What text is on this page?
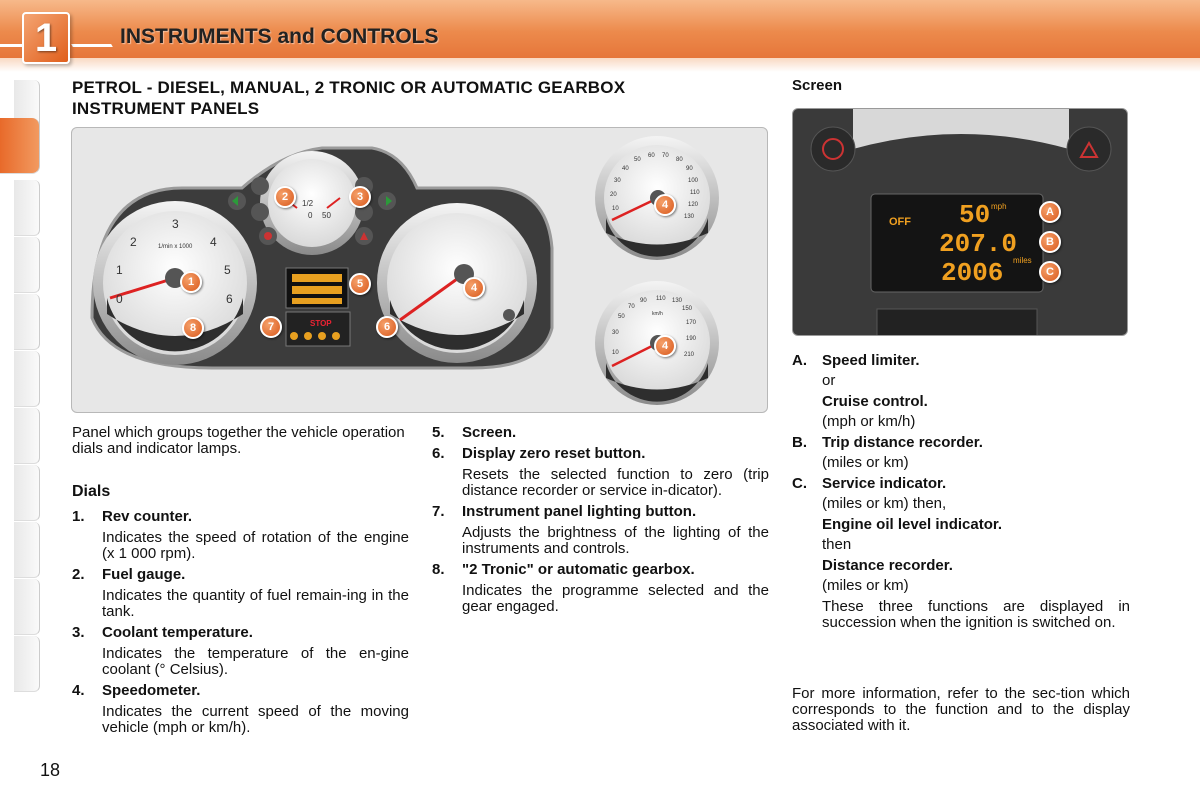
1	INSTRUMENTS and CONTROLS
18
PETROL - DIESEL, MANUAL, 2 TRONIC OR AUTOMATIC GEARBOX
INSTRUMENT PANELS
Screen
1/min x 1000
0
1
2
3
4
5
6
1/2
0 50
STOP
10
20
30
40
50
60 70
80
90
100
110
120
130
km/h
10
30
50
70
90 110 130
150
170
190
210
1
2	3
4
5
6
7
8
4
4
OFF 50 mph
207.0
2006 miles
A
B
C

Panel which groups together the vehicle operation dials and indicator lamps.

Dials
1. Rev counter.
Indicates the speed of rotation of the engine (x 1 000 rpm).
2. Fuel gauge.
Indicates the quantity of fuel remain-ing in the tank.
3. Coolant temperature.
Indicates the temperature of the en-gine coolant (° Celsius).
4. Speedometer.
Indicates the current speed of the moving vehicle (mph or km/h).
5. Screen.
6. Display zero reset button.
Resets the selected function to zero (trip distance recorder or service in-dicator).
7. Instrument panel lighting button.
Adjusts the brightness of the lighting of the instruments and controls.
8. "2 Tronic" or automatic gearbox.
Indicates the programme selected and the gear engaged.
A. Speed limiter.
or
Cruise control.
(mph or km/h)
B. Trip distance recorder.
(miles or km)
C. Service indicator.
(miles or km) then,
Engine oil level indicator.
then
Distance recorder.
(miles or km)
These three functions are displayed in succession when the ignition is switched on.
For more information, refer to the sec-tion which corresponds to the function and to the display associated with it.
